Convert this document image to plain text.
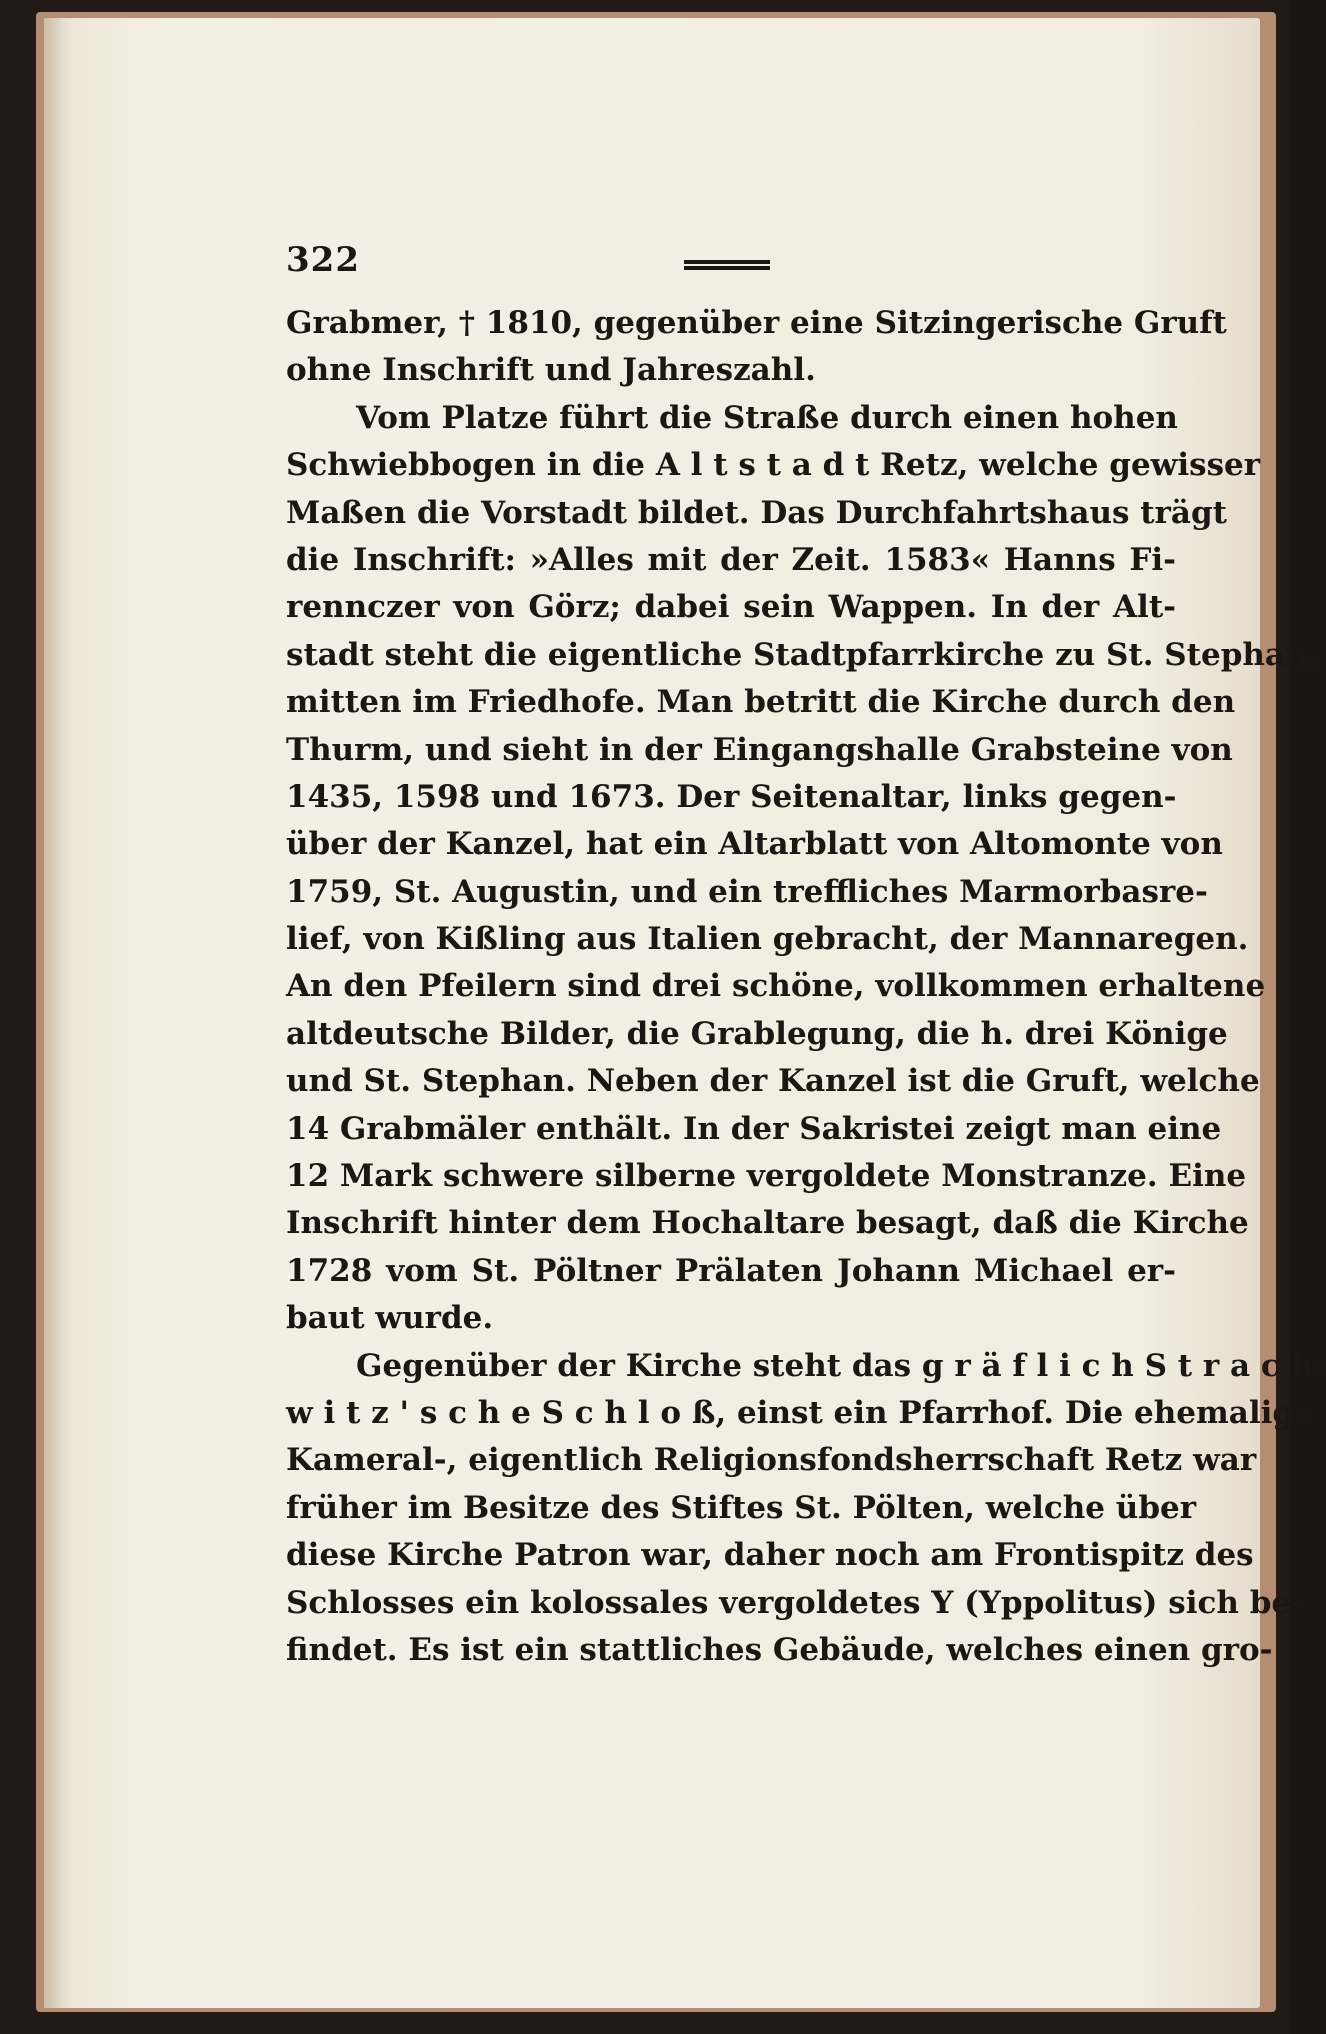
322
Grabmer, † 1810, gegenüber eine Sitzingerische Gruft
ohne Inschrift und Jahreszahl.
Vom Platze führt die Straße durch einen hohen
Schwiebbogen in die A l t s t a d t Retz, welche gewisser
Maßen die Vorstadt bildet. Das Durchfahrtshaus trägt
die Inschrift: »Alles mit der Zeit. 1583« Hanns Fi-
rennczer von Görz; dabei sein Wappen. In der Alt-
stadt steht die eigentliche Stadtpfarrkirche zu St. Stephan,
mitten im Friedhofe. Man betritt die Kirche durch den
Thurm, und sieht in der Eingangshalle Grabsteine von
1435, 1598 und 1673. Der Seitenaltar, links gegen-
über der Kanzel, hat ein Altarblatt von Altomonte von
1759, St. Augustin, und ein treffliches Marmorbasre-
lief, von Kißling aus Italien gebracht, der Mannaregen.
An den Pfeilern sind drei schöne, vollkommen erhaltene
altdeutsche Bilder, die Grablegung, die h. drei Könige
und St. Stephan. Neben der Kanzel ist die Gruft, welche
14 Grabmäler enthält. In der Sakristei zeigt man eine
12 Mark schwere silberne vergoldete Monstranze. Eine
Inschrift hinter dem Hochaltare besagt, daß die Kirche
1728 vom St. Pöltner Prälaten Johann Michael er-
baut wurde.
Gegenüber der Kirche steht das g r ä f l i c h S t r a c h-
w i t z ' s c h e S c h l o ß, einst ein Pfarrhof. Die ehemalige
Kameral-, eigentlich Religionsfondsherrschaft Retz war
früher im Besitze des Stiftes St. Pölten, welche über
diese Kirche Patron war, daher noch am Frontispitz des
Schlosses ein kolossales vergoldetes Y (Yppolitus) sich be-
findet. Es ist ein stattliches Gebäude, welches einen gro-
